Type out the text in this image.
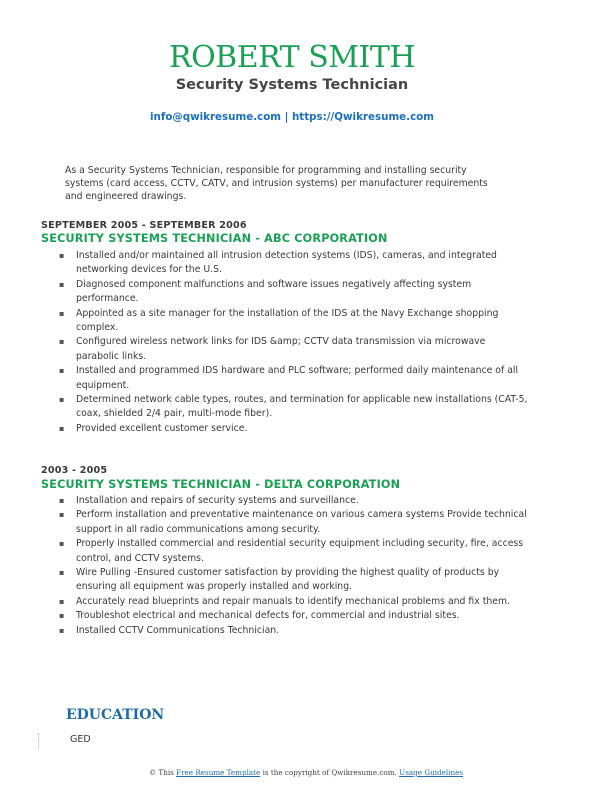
ROBERT SMITH
Security Systems Technician
info@qwikresume.com | https://Qwikresume.com
As a Security Systems Technician, responsible for programming and installing security systems (card access, CCTV, CATV, and intrusion systems) per manufacturer requirements and engineered drawings.
SEPTEMBER 2005 - SEPTEMBER 2006
SECURITY SYSTEMS TECHNICIAN - ABC CORPORATION
▪ Installed and/or maintained all intrusion detection systems (IDS), cameras, and integrated networking devices for the U.S.
▪ Diagnosed component malfunctions and software issues negatively affecting system performance.
▪ Appointed as a site manager for the installation of the IDS at the Navy Exchange shopping complex.
▪ Configured wireless network links for IDS &amp; CCTV data transmission via microwave parabolic links.
▪ Installed and programmed IDS hardware and PLC software; performed daily maintenance of all equipment.
▪ Determined network cable types, routes, and termination for applicable new installations (CAT-5, coax, shielded 2/4 pair, multi-mode fiber).
▪ Provided excellent customer service.
2003 - 2005
SECURITY SYSTEMS TECHNICIAN - DELTA CORPORATION
▪ Installation and repairs of security systems and surveillance.
▪ Perform installation and preventative maintenance on various camera systems Provide technical support in all radio communications among security.
▪ Properly installed commercial and residential security equipment including security, fire, access control, and CCTV systems.
▪ Wire Pulling -Ensured customer satisfaction by providing the highest quality of products by ensuring all equipment was properly installed and working.
▪ Accurately read blueprints and repair manuals to identify mechanical problems and fix them.
▪ Troubleshot electrical and mechanical defects for, commercial and industrial sites.
▪ Installed CCTV Communications Technician.
EDUCATION
GED
© This Free Resume Template is the copyright of Qwikresume.com. Usage Guidelines
